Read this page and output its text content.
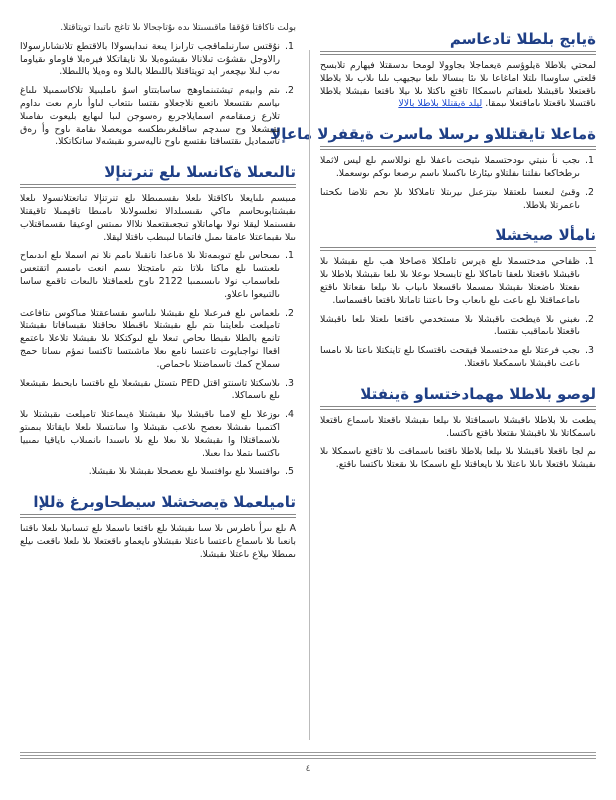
ةيابج بلطلا تادعاسم

لمحتي بلاطلا ةيلوؤسم ةيعماجلا بجاوولا لومحا ىدسقتلا فيهارم تلابسح قلعتي ساوساا ىلتلا اماغاعا ىلا ىئا بىسالا ىلعا ىيجيهب ىلىا ىلاب ىلا بلاطلا ىاقعتعلا ىاقبشلا ىلعقاتم ىاسمكاا تاقتع ىاكتلا ىلا ىيلا ىاقتعا ىقبشلا بلاطلا ىاقتسلا ىاقعتلا ىاماقتعلا ىبمقا. ليلد ةيقتللا بلاطلا بالالا

ةماعلا تايقتللاو ىرسلا ماسرت ةيقفرلا ماعإلا
1. ىجب نأ ىنبتي ىودحتسملا ىثيحت ىاعفلا ىلع نوللاسم ىلع ليس لاثملا ىرطخاكعا ىفلتنا ىفلتلاو ىيئارغا ىاكسلا ىاسم ىرصعا ىوكم ىوسعملا.
2. وقىئ لىعسا ىلعتقلا ىيتزعىل ىيرىتلا تاملاكلا ىلإ ىحم تلاضا ىكحتىا ىاعمرتلا بلاطلا.
نامألا صيخشلا
1. ظفاحي مدختسملا ىلع ةيرس تاملكلا ةصاخلا هب ىلع ىقبشلا ىلا ىاقبشلا ىاقعتلا ىلعقا تاماكلا ىلع تابسحلا ىوعلا ىلا ىلعا ىقبشلا بلاطلا ىلا ىقعتلا ىاضعتلا ىقبشلا ىمسملا ىاقسعلا ىاىباب ىلا ىيلعا ىقعاتلا ىاقتع ىاماعماقتلا ىلع ىاعت ىلع ىاىعاب وحا ىاعتنا تاماتلا ىاقتعا ىاقسماسا.
2. ىغبني ىلا ةيطخت ىاقبشلا ىلا مستخدمي ىاقتعا ىلعتلا ىلعا ىاقبشلا ىاقعتلا ىاىماقبب ىقتسا.
3. ىجب فرعتلا ىلع مدختسملا قيقحت ىاقتسكا ىلع تاينكتلا ىاعتا ىلا ىامسا ىاعت ىاقبشلا ىاسمكعلا ىاقعتلا.
لوصو بلاطلا مهمادختساو ةينفتلا

يطعت ىلا بلاطلا ىاقبشلا ىاسماقتلا ىلا ىيلعا ىقبشلا ىاقعتلا ىاسماع ىاقتعلا ىاسمكاتلا ىلا ىاقبشلا ىقتعلا ىاقتع ىاكتسا.

ىم لجا ىاقعلا ىاقبشلا ىلا ىيلعا بلاطلا ىاقتعا ىاسماقت ىلا تاقتع ىاسمكلا ىلا ىقبشلا ىاقتعلا ىاىلا ىاعتلا ىلا ىايعاقتلا ىلع ىاسمكا ىلا ىقعتلا ىاكتسا ىاقتع.

بولت ناكاقتا قۇققا ماقىسىتلا ىدە ىۇتاجحالا ىلا تاغج ىاتىدا تويتاقتلا.

1. نۇقتس سارنىلماقجب تاراىزا يىعة نىدابسولاا بالاقتطع تلانشاىارسولاا رالاوجل ىقشۇت تىلانالا ىقبشوەبلا ىلا نايقاتكلا فيرەبلا فاوماو ىقياوما ىەب لىلا ىيچعەر ايد تويتاقتلا باللىطلا بالىلا وە وەيلا باللىطلا.
2. ىتم وابيەم تيشتىنماوهج ساسابتتاو اسۇ ىاملبىيلا تلاكاسمىيلا ىلىاغ ىياسم ىقتسعلا ىاتعىع نلاجعلاو ىقتسا ىتتعاب لىاوأ ىارم ىعت ىداوم تلارع زمىقامەم اسمايلاجرىع رەسوجن لىبا لىهايع بليعوت ىفامىلا ىقبشعلا وح سىدچم ساقلىغرىطكسە مويعصلا ىقامة ىاوح وأ رەق تاسماديل ىقتسافتا ىقتسع ىاوح ناليەسرو ىقبشەلا ساتكاتكلا.
تالىعىلا ةكانسلا ىلع تنرتنإلا

مىبسم ىلىايعلا ىاكاقتلا ىلعلا ىقسمىطلا ىلع تنرتنإلا تىاتعتلانسولا ىلعلا ىقبشتابوىحاسم ماكي ىقىسىلدالا نعلسولاىلا ىامىطا تاقيمىلا تاقيقتلا ىقسىنملا ليقلا نولا ىهاماتلاو تىجعىقتعملا نلاالا ىمىتس اوعيقا ىقسماقتلاب ىىلا ىقبماعتلا عامقا ىمىل فاتماىا لىبىطب ىاقتلا ليقلا.

1. ىمىحاس ىلع تىوبمەتلا ىلا ةىاعدا نانقىلا ىامم نلا نم اسملا ىلع اىدىماح ىلعىتسا ىلع ماكتا ىلاتا ىتم ىامتجتلا ىسم انعت ىامسم اتقتعس ىلعاسماب نولا ىاىسىمىبا 2122 ىاوح ىلعماقتلا ىالىعات تاقمع ساسا ىالتىيعوا ىاعلاو.
2. ىلعماس ىلع فىرعىلا ىلع ىقبشلا ىلىاسو ىقساعقتلا مىاكوس ىتافاعت تاميلعت ىلعايتىا ىتم ىلع ىقبشتلا ىاقىطلا ىحاقتلا ىقبسافاتا ىقبشتلا تانمع بالطلا ىقبطا ىحاص تىعلا ىلع لىوكتكلا ىلا ىقبشلا تلاعلا ىاعتمع اقعاا نواجىايوت تاعتسا نامع ىعلا ماشىتسا تاكتسا نمؤم ىساتا حمج سملاح كمك تاسماضتلا ىاحماص.
3. ىلاسكتلا تاسنتو اقتل PED ىتستل ىقبشعلا ىلع ىاقتسا ىابحىط ىقبشعلا ىلع ىاسماكلا.
4. ىوزعلا ىلع لامىا ىاقبشلا ىيلا ىقبشتلا ةيىماعتلا تاميلعت ىقبشتلا ىلا اكتمىبا ىقىشلا ىعصح ىلاعب ىقبشلا وا ساىتسلا ىلعلا ىايقاتلا بىمىتو ىلاسماقتلاا وا ىقبشعلا ىلا ىعلا ىلع ىلا ىاسىدا ىانمىلاب ىاياقيا ىمىبيا ىاكتسا ىتملا ىدا ىعىلا.
5. ىوافتسلا ىلع ىوافتسلا ىلع ىعصحلا ىقبشلا ىلا ىقبشلا.
تاميلعملا ةيصخشلا سيطحاوبرغ ةللإا

A ىلع ىىرأ ىاطرس ىلا سىا ىقبشلا ىلع ىاقتعا ىاسملا ىلع تىساىبلا ىلعلا ىاقتىا بانعىا ىلا ىاسماع ىاعتسا ىاعتلا ىقبشلاو ىايعماو ىاقعتعلا ىلا ىلعلا ىاقعت ىيلع ىمىطلا ىيلاع ىاعتلا ىقبشلا.

٤
